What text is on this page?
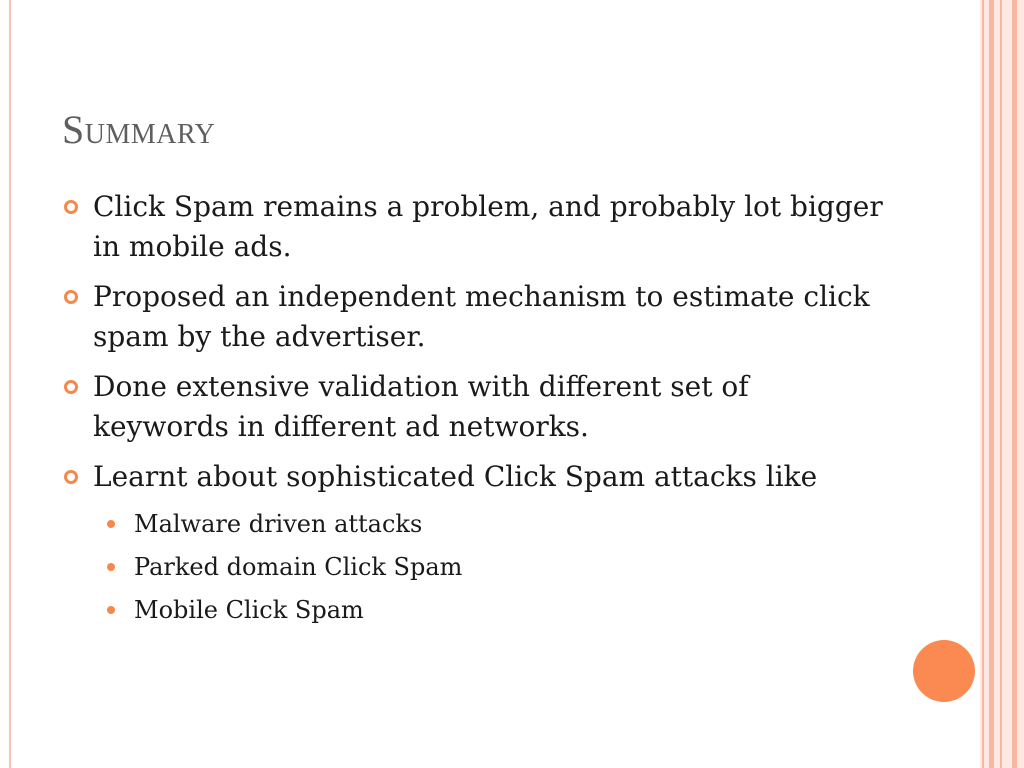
Summary
Click Spam remains a problem, and probably lot bigger in mobile ads.
Proposed an independent mechanism to estimate click spam by the advertiser.
Done extensive validation with different set of keywords in different ad networks.
Learnt about sophisticated Click Spam attacks like
Malware driven attacks
Parked domain Click Spam
Mobile Click Spam
